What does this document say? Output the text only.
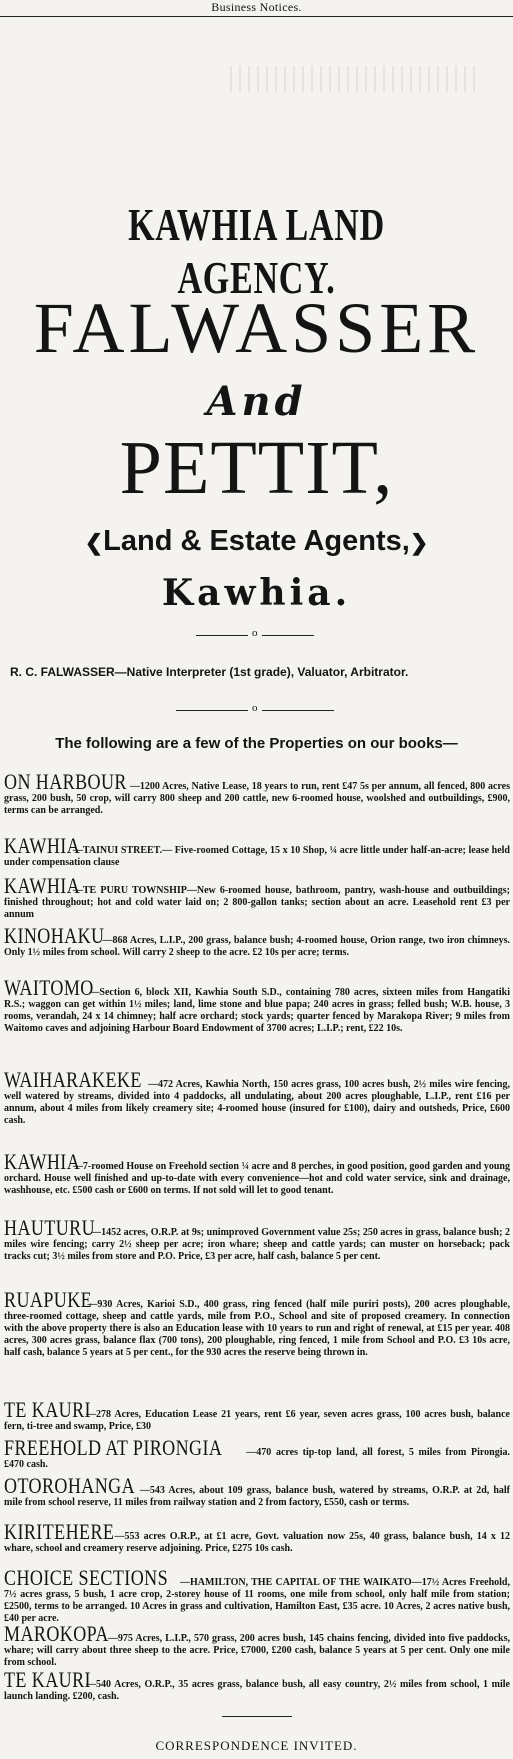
Business Notices.
KAWHIA LAND AGENCY.
FALWASSER
And
PETTIT,
❮Land & Estate Agents,❯
Kawhia.
o
R. C. FALWASSER—Native Interpreter (1st grade), Valuator, Arbitrator.
o
The following are a few of the Properties on our books—
ON HARBOUR —1200 Acres, Native Lease, 18 years to run, rent £47 5s per annum, all fenced, 800 acres grass, 200 bush, 50 crop, will carry 800 sheep and 200 cattle, new 6-roomed house, woolshed and outbuildings, £900, terms can be arranged.
KAWHIA—TAINUI STREET.— Five-roomed Cottage, 15 x 10 Shop, ¼ acre little under half-an-acre; lease held under compensation clause
KAWHIA—TE PURU TOWNSHIP—New 6-roomed house, bathroom, pantry, wash-house and outbuildings; finished throughout; hot and cold water laid on; 2 800-gallon tanks; section about an acre. Leasehold rent £3 per annum
KINOHAKU—868 Acres, L.I.P., 200 grass, balance bush; 4-roomed house, Orion range, two iron chimneys. Only 1½ miles from school. Will carry 2 sheep to the acre. £2 10s per acre; terms.
WAITOMO—Section 6, block XII, Kawhia South S.D., containing 780 acres, sixteen miles from Hangatiki R.S.; waggon can get within 1½ miles; land, lime stone and blue papa; 240 acres in grass; felled bush; W.B. house, 3 rooms, verandah, 24 x 14 chimney; half acre orchard; stock yards; quarter fenced by Marakopa River; 9 miles from Waitomo caves and adjoining Harbour Board Endowment of 3700 acres; L.I.P.; rent, £22 10s.
WAIHARAKEKE —472 Acres, Kawhia North, 150 acres grass, 100 acres bush, 2½ miles wire fencing, well watered by streams, divided into 4 paddocks, all undulating, about 200 acres ploughable, L.I.P., rent £16 per annum, about 4 miles from likely creamery site; 4-roomed house (insured for £100), dairy and outsheds, Price, £600 cash.
KAWHIA—7-roomed House on Freehold section ¼ acre and 8 perches, in good position, good garden and young orchard. House well finished and up-to-date with every convenience—hot and cold water service, sink and drainage, washhouse, etc. £500 cash or £600 on terms. If not sold will let to good tenant.
HAUTURU—1452 acres, O.R.P. at 9s; unimproved Government value 25s; 250 acres in grass, balance bush; 2 miles wire fencing; carry 2½ sheep per acre; iron whare; sheep and cattle yards; can muster on horseback; pack tracks cut; 3½ miles from store and P.O. Price, £3 per acre, half cash, balance 5 per cent.
RUAPUKE—930 Acres, Karioi S.D., 400 grass, ring fenced (half mile puriri posts), 200 acres ploughable, three-roomed cottage, sheep and cattle yards, mile from P.O., School and site of proposed creamery. In connection with the above property there is also an Education lease with 10 years to run and right of renewal, at £15 per year. 408 acres, 300 acres grass, balance flax (700 tons), 200 ploughable, ring fenced, 1 mile from School and P.O. £3 10s acre, half cash, balance 5 years at 5 per cent., for the 930 acres the reserve being thrown in.
TE KAURI—278 Acres, Education Lease 21 years, rent £6 year, seven acres grass, 100 acres bush, balance fern, ti-tree and swamp, Price, £30
FREEHOLD AT PIRONGIA —470 acres tip-top land, all forest, 5 miles from Pirongia. £470 cash.
OTOROHANGA —543 Acres, about 109 grass, balance bush, watered by streams, O.R.P. at 2d, half mile from school reserve, 11 miles from railway station and 2 from factory, £550, cash or terms.
KIRITEHERE—553 acres O.R.P., at £1 acre, Govt. valuation now 25s, 40 grass, balance bush, 14 x 12 whare, school and creamery reserve adjoining. Price, £275 10s cash.
CHOICE SECTIONS —HAMILTON, THE CAPITAL OF THE WAIKATO—17½ Acres Freehold, 7½ acres grass, 5 bush, 1 acre crop, 2-storey house of 11 rooms, one mile from school, only half mile from station; £2500, terms to be arranged. 10 Acres in grass and cultivation, Hamilton East, £35 acre. 10 Acres, 2 acres native bush, £40 per acre.
MAROKOPA—975 Acres, L.I.P., 570 grass, 200 acres bush, 145 chains fencing, divided into five paddocks, whare; will carry about three sheep to the acre. Price, £7000, £200 cash, balance 5 years at 5 per cent. Only one mile from school.
TE KAURI—540 Acres, O.R.P., 35 acres grass, balance bush, all easy country, 2½ miles from school, 1 mile launch landing. £200, cash.
CORRESPONDENCE INVITED.
